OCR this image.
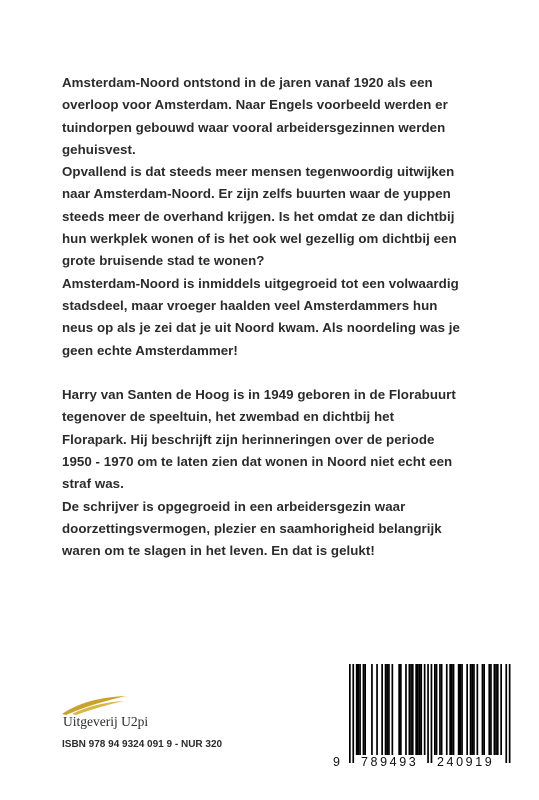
Amsterdam-Noord ontstond in de jaren vanaf 1920 als een
overloop voor Amsterdam. Naar Engels voorbeeld werden er
tuindorpen gebouwd waar vooral arbeidersgezinnen werden
gehuisvest.

Opvallend is dat steeds meer mensen tegenwoordig uitwijken
naar Amsterdam-Noord. Er zijn zelfs buurten waar de yuppen
steeds meer de overhand krijgen. Is het omdat ze dan dichtbij
hun werkplek wonen of is het ook wel gezellig om dichtbij een
grote bruisende stad te wonen?

Amsterdam-Noord is inmiddels uitgegroeid tot een volwaardig
stadsdeel, maar vroeger haalden veel Amsterdammers hun
neus op als je zei dat je uit Noord kwam. Als noordeling was je
geen echte Amsterdammer!

Harry van Santen de Hoog is in 1949 geboren in de Florabuurt
tegenover de speeltuin, het zwembad en dichtbij het
Florapark. Hij beschrijft zijn herinneringen over de periode
1950 - 1970 om te laten zien dat wonen in Noord niet echt een
straf was.

De schrijver is opgegroeid in een arbeidersgezin waar
doorzettingsvermogen, plezier en saamhorigheid belangrijk
waren om te slagen in het leven. En dat is gelukt!

Uitgeverij U2pi
ISBN 978 94 9324 091 9 - NUR 320
9 789493 240919
